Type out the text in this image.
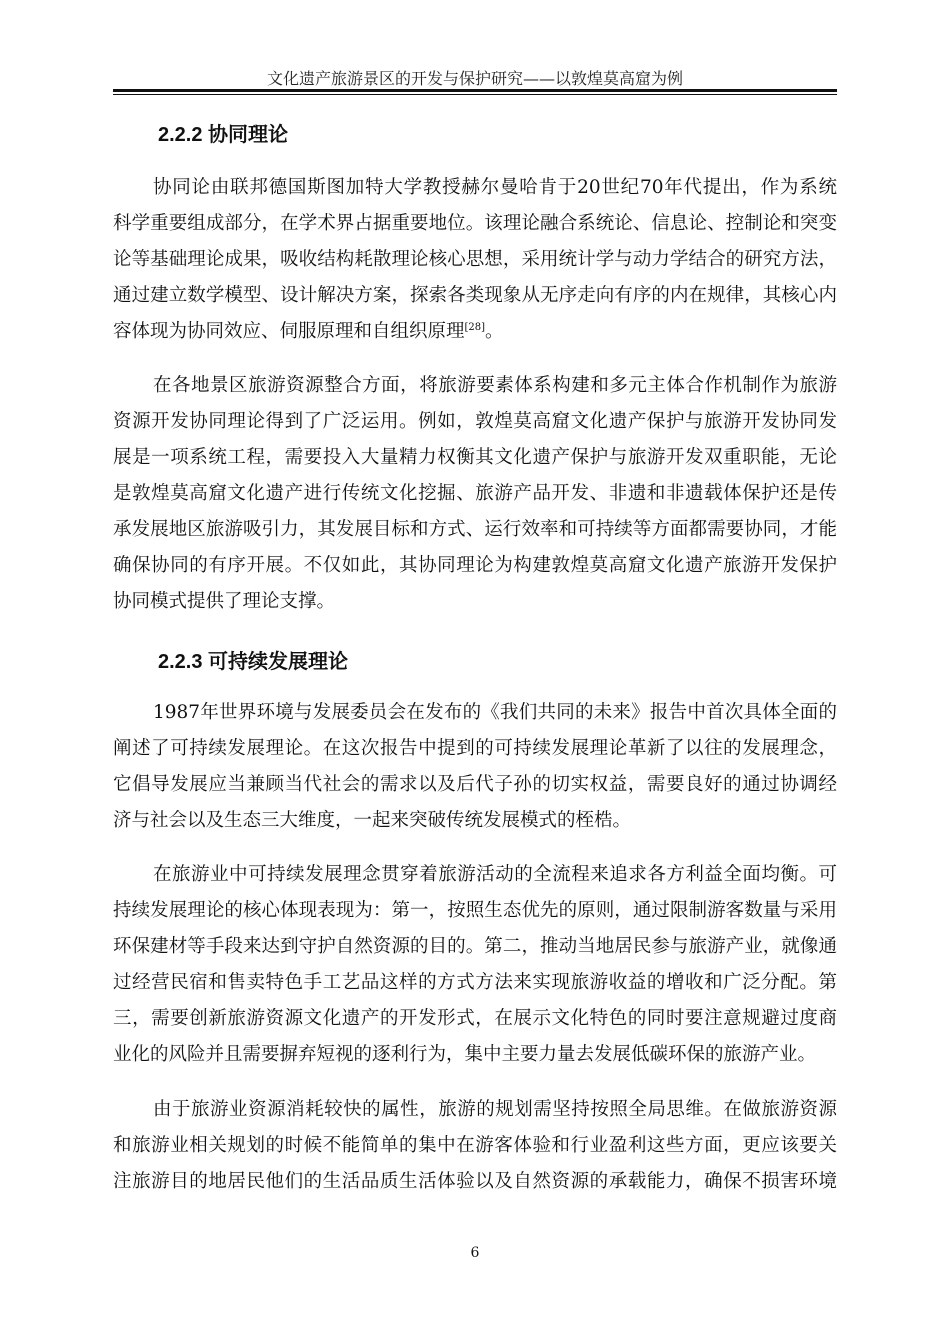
文化遗产旅游景区的开发与保护研究——以敦煌莫高窟为例
2.2.2 协同理论
协同论由联邦德国斯图加特大学教授赫尔曼哈肯于20世纪70年代提出，作为系统
科学重要组成部分，在学术界占据重要地位。该理论融合系统论、信息论、控制论和突变
论等基础理论成果，吸收结构耗散理论核心思想，采用统计学与动力学结合的研究方法，
通过建立数学模型、设计解决方案，探索各类现象从无序走向有序的内在规律，其核心内
容体现为协同效应、伺服原理和自组织原理[28]。
在各地景区旅游资源整合方面，将旅游要素体系构建和多元主体合作机制作为旅游
资源开发协同理论得到了广泛运用。例如，敦煌莫高窟文化遗产保护与旅游开发协同发
展是一项系统工程，需要投入大量精力权衡其文化遗产保护与旅游开发双重职能，无论
是敦煌莫高窟文化遗产进行传统文化挖掘、旅游产品开发、非遗和非遗载体保护还是传
承发展地区旅游吸引力，其发展目标和方式、运行效率和可持续等方面都需要协同，才能
确保协同的有序开展。不仅如此，其协同理论为构建敦煌莫高窟文化遗产旅游开发保护
协同模式提供了理论支撑。
2.2.3 可持续发展理论
1987年世界环境与发展委员会在发布的《我们共同的未来》报告中首次具体全面的
阐述了可持续发展理论。在这次报告中提到的可持续发展理论革新了以往的发展理念，
它倡导发展应当兼顾当代社会的需求以及后代子孙的切实权益，需要良好的通过协调经
济与社会以及生态三大维度，一起来突破传统发展模式的桎梏。
在旅游业中可持续发展理念贯穿着旅游活动的全流程来追求各方利益全面均衡。可
持续发展理论的核心体现表现为：第一，按照生态优先的原则，通过限制游客数量与采用
环保建材等手段来达到守护自然资源的目的。第二，推动当地居民参与旅游产业，就像通
过经营民宿和售卖特色手工艺品这样的方式方法来实现旅游收益的增收和广泛分配。第
三，需要创新旅游资源文化遗产的开发形式，在展示文化特色的同时要注意规避过度商
业化的风险并且需要摒弃短视的逐利行为，集中主要力量去发展低碳环保的旅游产业。
由于旅游业资源消耗较快的属性，旅游的规划需坚持按照全局思维。在做旅游资源
和旅游业相关规划的时候不能简单的集中在游客体验和行业盈利这些方面，更应该要关
注旅游目的地居民他们的生活品质生活体验以及自然资源的承载能力，确保不损害环境
6
